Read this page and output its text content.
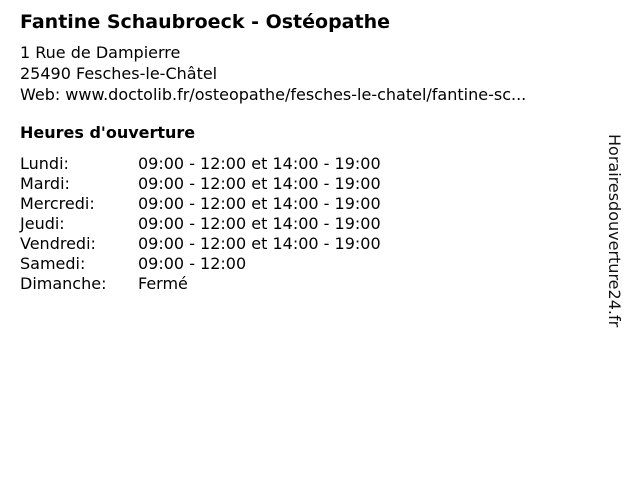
Fantine Schaubroeck - Ostéopathe
1 Rue de Dampierre
25490 Fesches-le-Châtel
Web: www.doctolib.fr/osteopathe/fesches-le-chatel/fantine-sc...
Heures d'ouverture
Lundi:	09:00 - 12:00 et 14:00 - 19:00
Mardi:	09:00 - 12:00 et 14:00 - 19:00
Mercredi:	09:00 - 12:00 et 14:00 - 19:00
Jeudi:	09:00 - 12:00 et 14:00 - 19:00
Vendredi:	09:00 - 12:00 et 14:00 - 19:00
Samedi:	09:00 - 12:00
Dimanche: Fermé	Horairesdouverture24.fr
